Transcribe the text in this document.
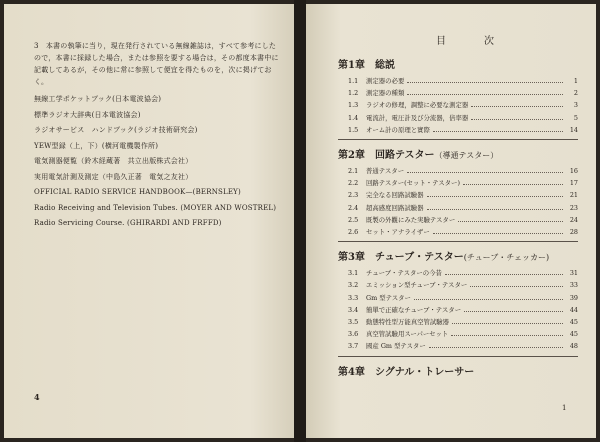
3　本書の執筆に当り，現在発行されている無線雑誌は，すべて参考にしたので，本書に採録した場合，または参照を要する場合は，その都度本書中に記載してあるが，その他に常に参照して便宜を得たものを，次に掲げておく。

無線工学ポケットブック(日本電波協会)
標準ラジオ大辞典(日本電波協会)
ラジオサービス　ハンドブック(ラジオ技術研究会)
YEW型録（上，下）(横河電機製作所)
電気測器便覧（鈴木経蔵著　共立出版株式会社）
実用電気計測及測定（中島久正著　電気之友社）
OFFICIAL RADIO SERVICE HANDBOOK—(BERNSLEY)
Radio Receiving and Television Tubes. (MOYER AND WOSTREL)
Radio Servicing Course. (GHIRARDI AND FRFFD)
4
目　次
第1章　総説
1.1	測定器の必要	1
1.2	測定器の種類	2
1.3	ラジオの修理，調整に必要な測定器	3
1.4	電流計，電圧計及び分流器，倍率器	5
1.5	オーム計の原理と實際	14
第2章　回路テスター（導通テスター）
2.1	普通テスター	16
2.2	回路テスター(セット・テスター)	17
2.3	完全なる回路試驗器	21
2.4	超高感度回路試驗器	23
2.5	既製の外觀にみた実驗テスター	24
2.6	セット・アナライザー	28
第3章　チューブ・テスター(チューブ・チェッカー)
3.1	チューブ・テスターの今昔	31
3.2	エミッション型チューブ・テスター	33
3.3	Gm 型テスター	39
3.4	簡單で正確なチューブ・テスター	44
3.5	動態特性型万能真空管試驗器	45
3.6	真空管試驗用スーパーセット	45
3.7	國産 Gm 型テスター	48
第4章　シグナル・トレーサー
1
